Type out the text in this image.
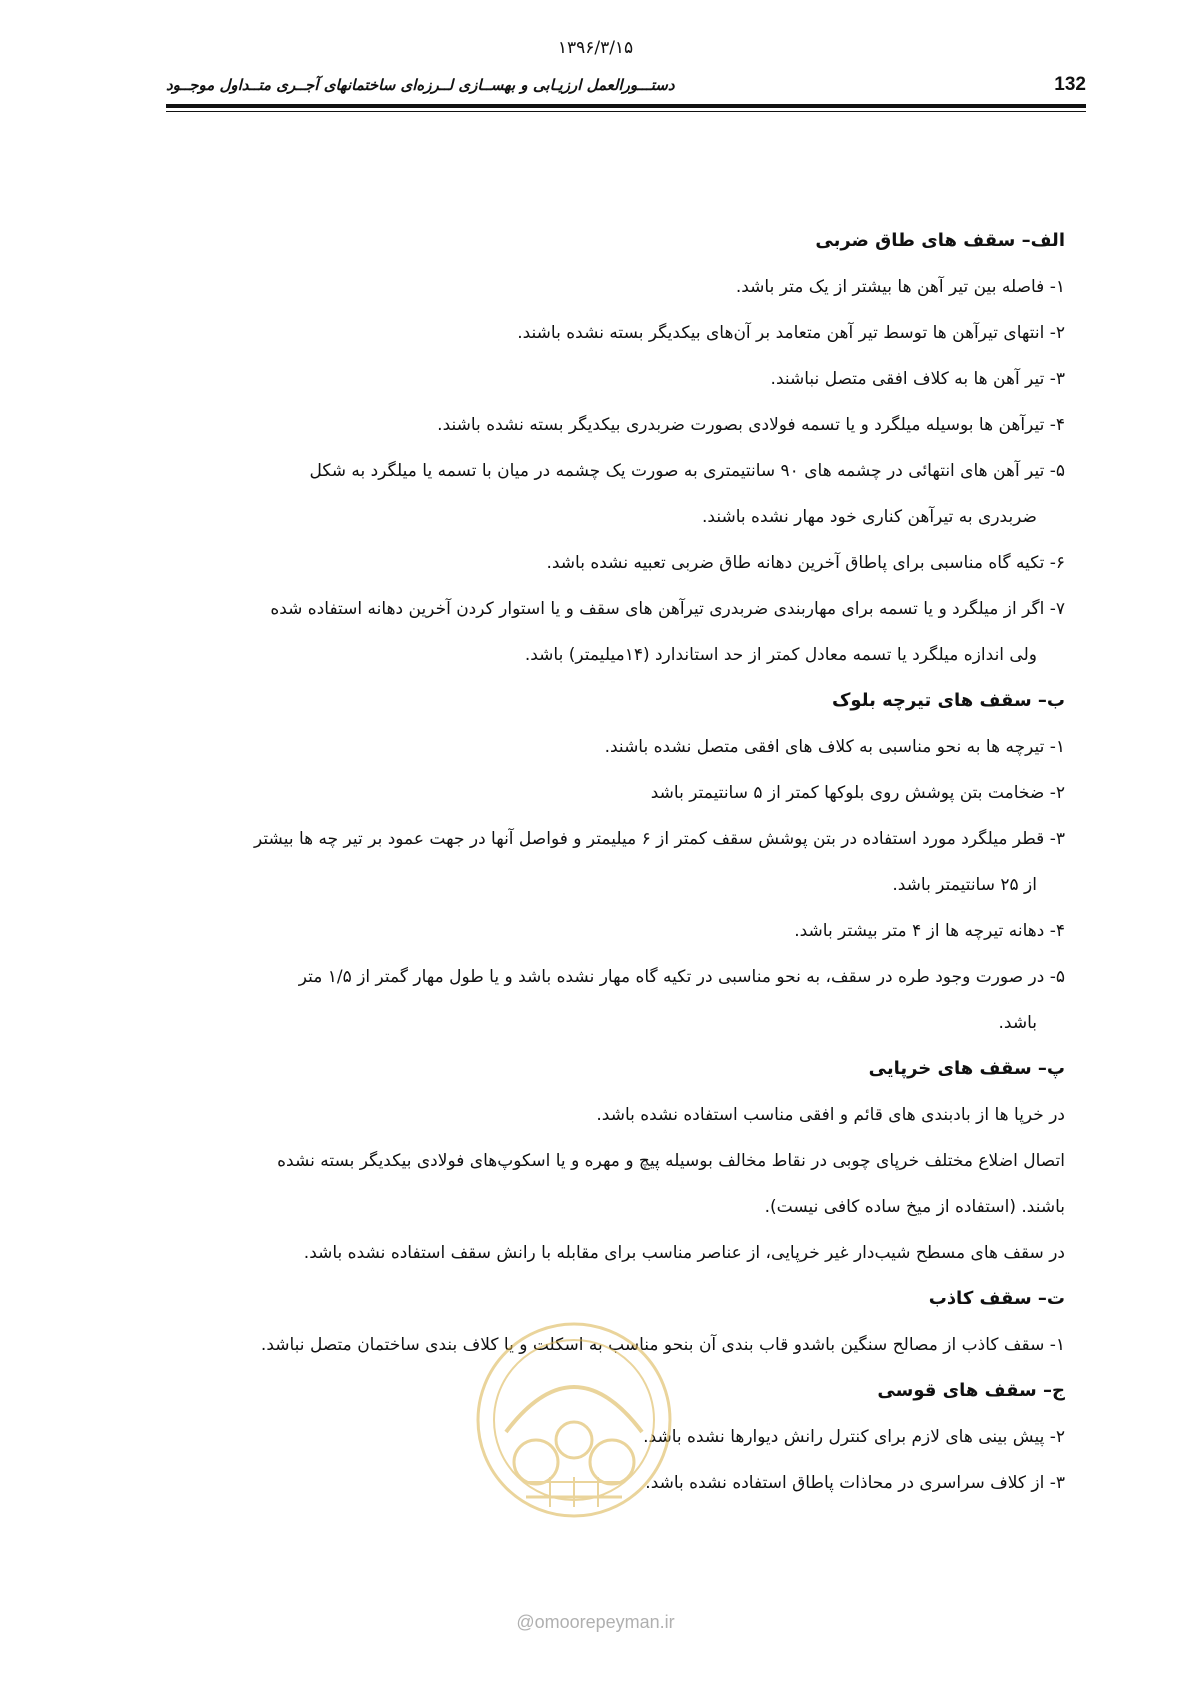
۱۳۹۶/۳/۱۵
132
دستـــورالعمل ارزیـابی و بهســازی لــرزه‌ای ساختمانهای آجــری متــداول موجــود

الف– سقف های طاق ضربی

۱- فاصله بین تیر آهن ها بیشتر از یک متر باشد.

۲- انتهای تیرآهن ها توسط تیر آهن متعامد بر آن‌های بیکدیگر بسته نشده باشند.

۳- تیر آهن ها به کلاف افقی متصل نباشند.

۴- تیرآهن ها بوسیله میلگرد و یا تسمه فولادی بصورت ضربدری بیکدیگر بسته نشده باشند.

۵- تیر آهن های انتهائی در چشمه های ۹۰ سانتیمتری به صورت یک چشمه در میان با تسمه یا میلگرد به شکل

ضربدری به تیرآهن کناری خود مهار نشده باشند.

۶- تکیه گاه مناسبی برای پاطاق آخرین دهانه طاق ضربی تعبیه نشده باشد.

۷- اگر از میلگرد و یا تسمه برای مهاربندی ضربدری تیرآهن های سقف و یا استوار کردن آخرین دهانه استفاده شده

ولی اندازه میلگرد یا تسمه معادل کمتر از حد استاندارد (۱۴میلیمتر) باشد.

ب– سقف های تیرچه بلوک

۱- تیرچه ها به نحو مناسبی به کلاف های افقی متصل نشده باشند.

۲- ضخامت بتن پوشش روی بلوکها کمتر از ۵ سانتیمتر باشد

۳- قطر میلگرد مورد استفاده در بتن پوشش سقف کمتر از ۶ میلیمتر و فواصل آنها در جهت عمود بر تیر چه ها بیشتر

از ۲۵ سانتیمتر باشد.

۴- دهانه تیرچه ها از ۴ متر بیشتر باشد.

۵- در صورت وجود طره در سقف، به نحو مناسبی در تکیه گاه مهار نشده باشد و یا طول مهار گمتر از ۱/۵ متر

باشد.

پ– سقف های خرپایی

در خرپا ها از بادبندی های قائم و افقی مناسب استفاده نشده باشد.

اتصال اضلاع مختلف خرپای چوبی در نقاط مخالف بوسیله پیچ و مهره و یا اسکوپ‌های فولادی بیکدیگر بسته نشده

باشند. (استفاده از میخ ساده کافی نیست).

در سقف های مسطح شیب‌دار غیر خرپایی، از عناصر مناسب برای مقابله با رانش سقف استفاده نشده باشد.

ت– سقف کاذب

۱- سقف کاذب از مصالح سنگین باشدو قاب بندی آن بنحو مناسب به اسکلت و یا کلاف بندی ساختمان متصل نباشد.

ج– سقف های قوسی

۲- پیش بینی های لازم برای کنترل رانش دیوارها نشده باشد.

۳- از کلاف سراسری در محاذات پاطاق استفاده نشده باشد.

@omoorepeyman.ir
